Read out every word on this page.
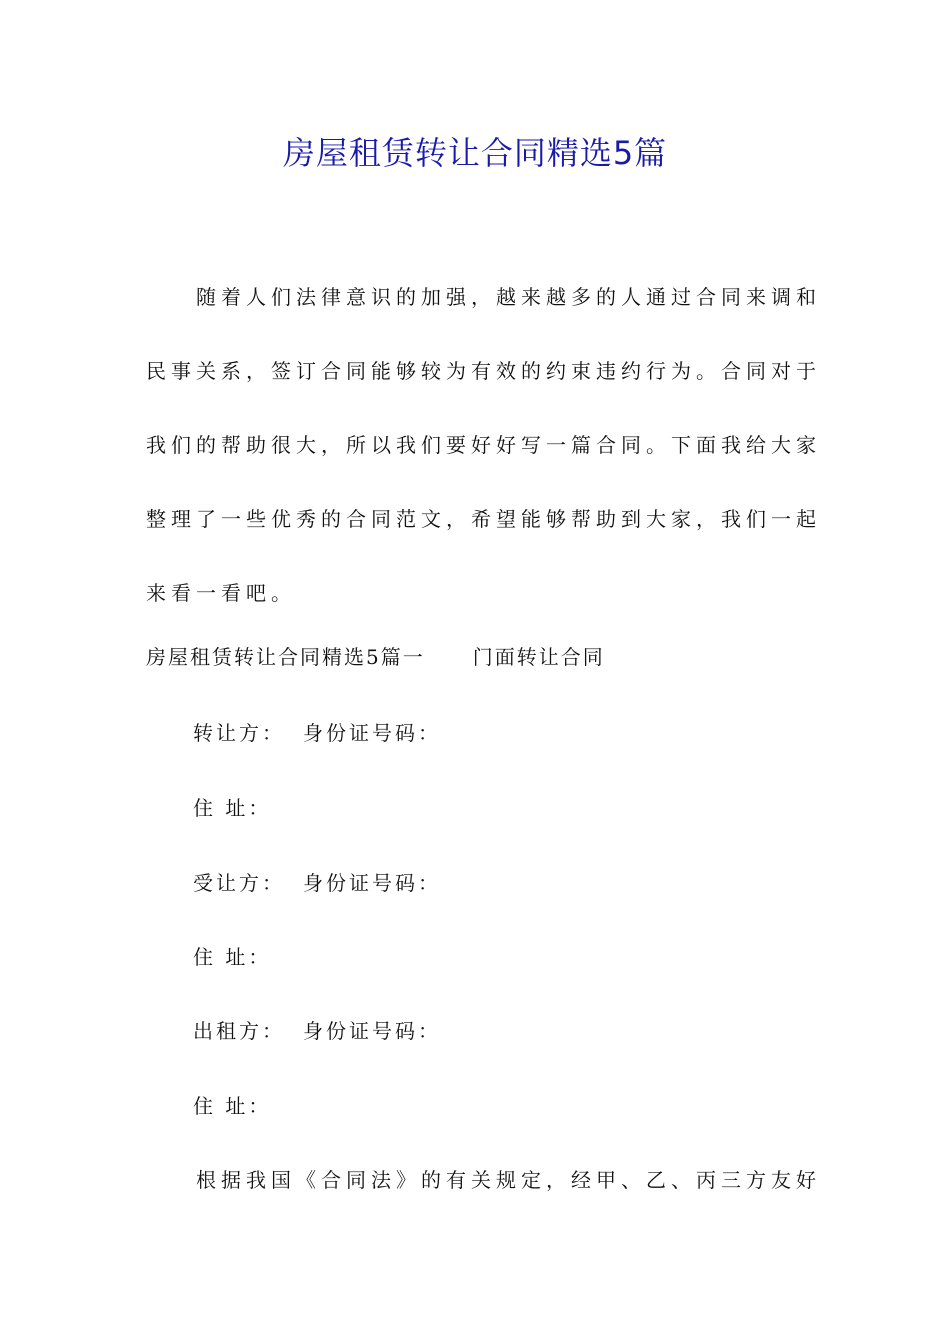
房屋租赁转让合同精选5篇
随着人们法律意识的加强，越来越多的人通过合同来调和
民事关系，签订合同能够较为有效的约束违约行为。合同对于
我们的帮助很大，所以我们要好好写一篇合同。下面我给大家
整理了一些优秀的合同范文，希望能够帮助到大家，我们一起
来看一看吧。
房屋租赁转让合同精选5篇一 门面转让合同
转让方： 身份证号码：
住 址：
受让方： 身份证号码：
住 址：
出租方： 身份证号码：
住 址：
根据我国《合同法》的有关规定，经甲、乙、丙三方友好
